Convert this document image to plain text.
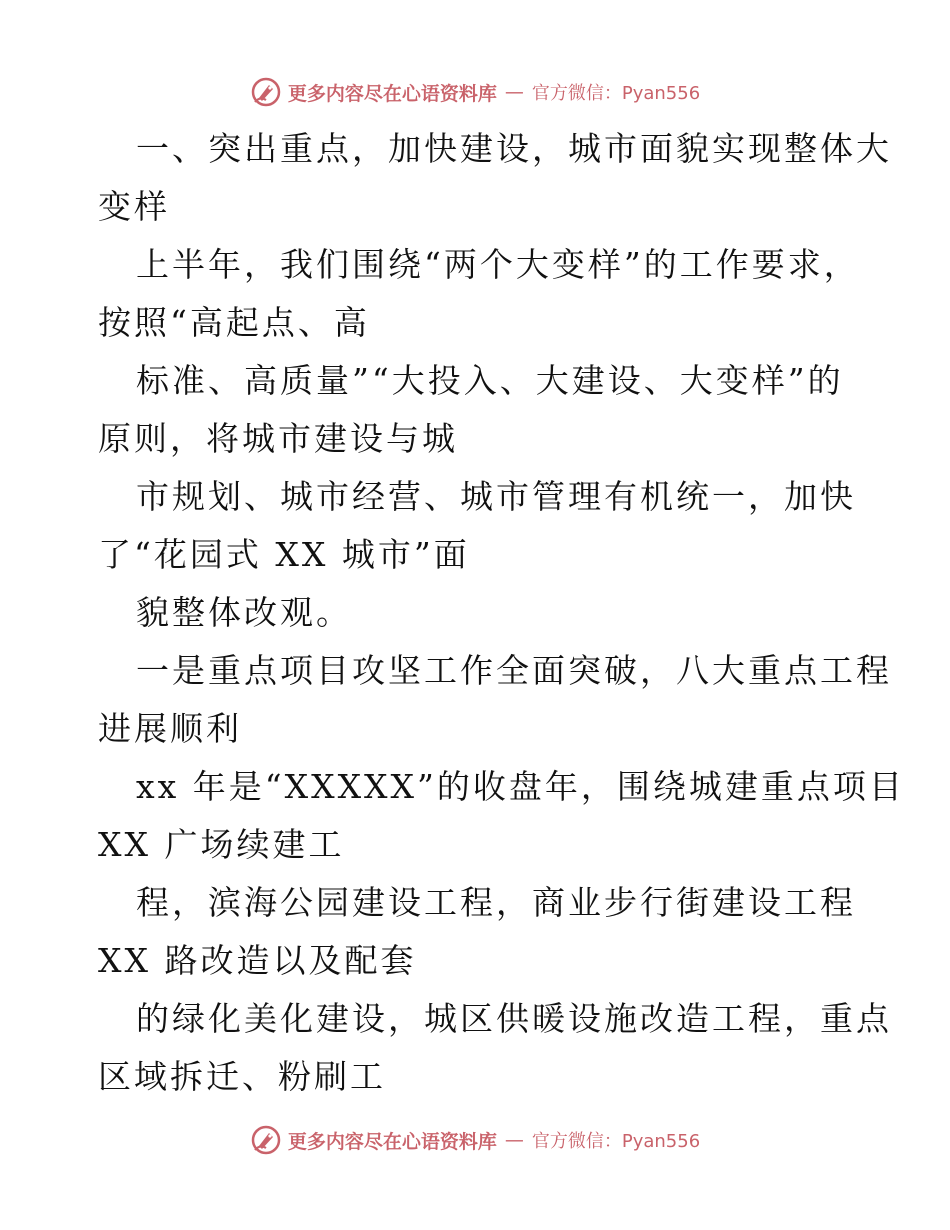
更多内容尽在心语资料库 — 官方微信：Pyan556
一、突出重点，加快建设，城市面貌实现整体大
变样
上半年，我们围绕“两个大变样”的工作要求，
按照“高起点、高
标准、高质量”“大投入、大建设、大变样”的
原则，将城市建设与城
市规划、城市经营、城市管理有机统一，加快
了“花园式 XX 城市”面
貌整体改观。
一是重点项目攻坚工作全面突破，八大重点工程
进展顺利
xx 年是“XXXXX”的收盘年，围绕城建重点项目
XX 广场续建工
程，滨海公园建设工程，商业步行街建设工程
XX 路改造以及配套
的绿化美化建设，城区供暖设施改造工程，重点
区域拆迁、粉刷工
更多内容尽在心语资料库 — 官方微信：Pyan556
